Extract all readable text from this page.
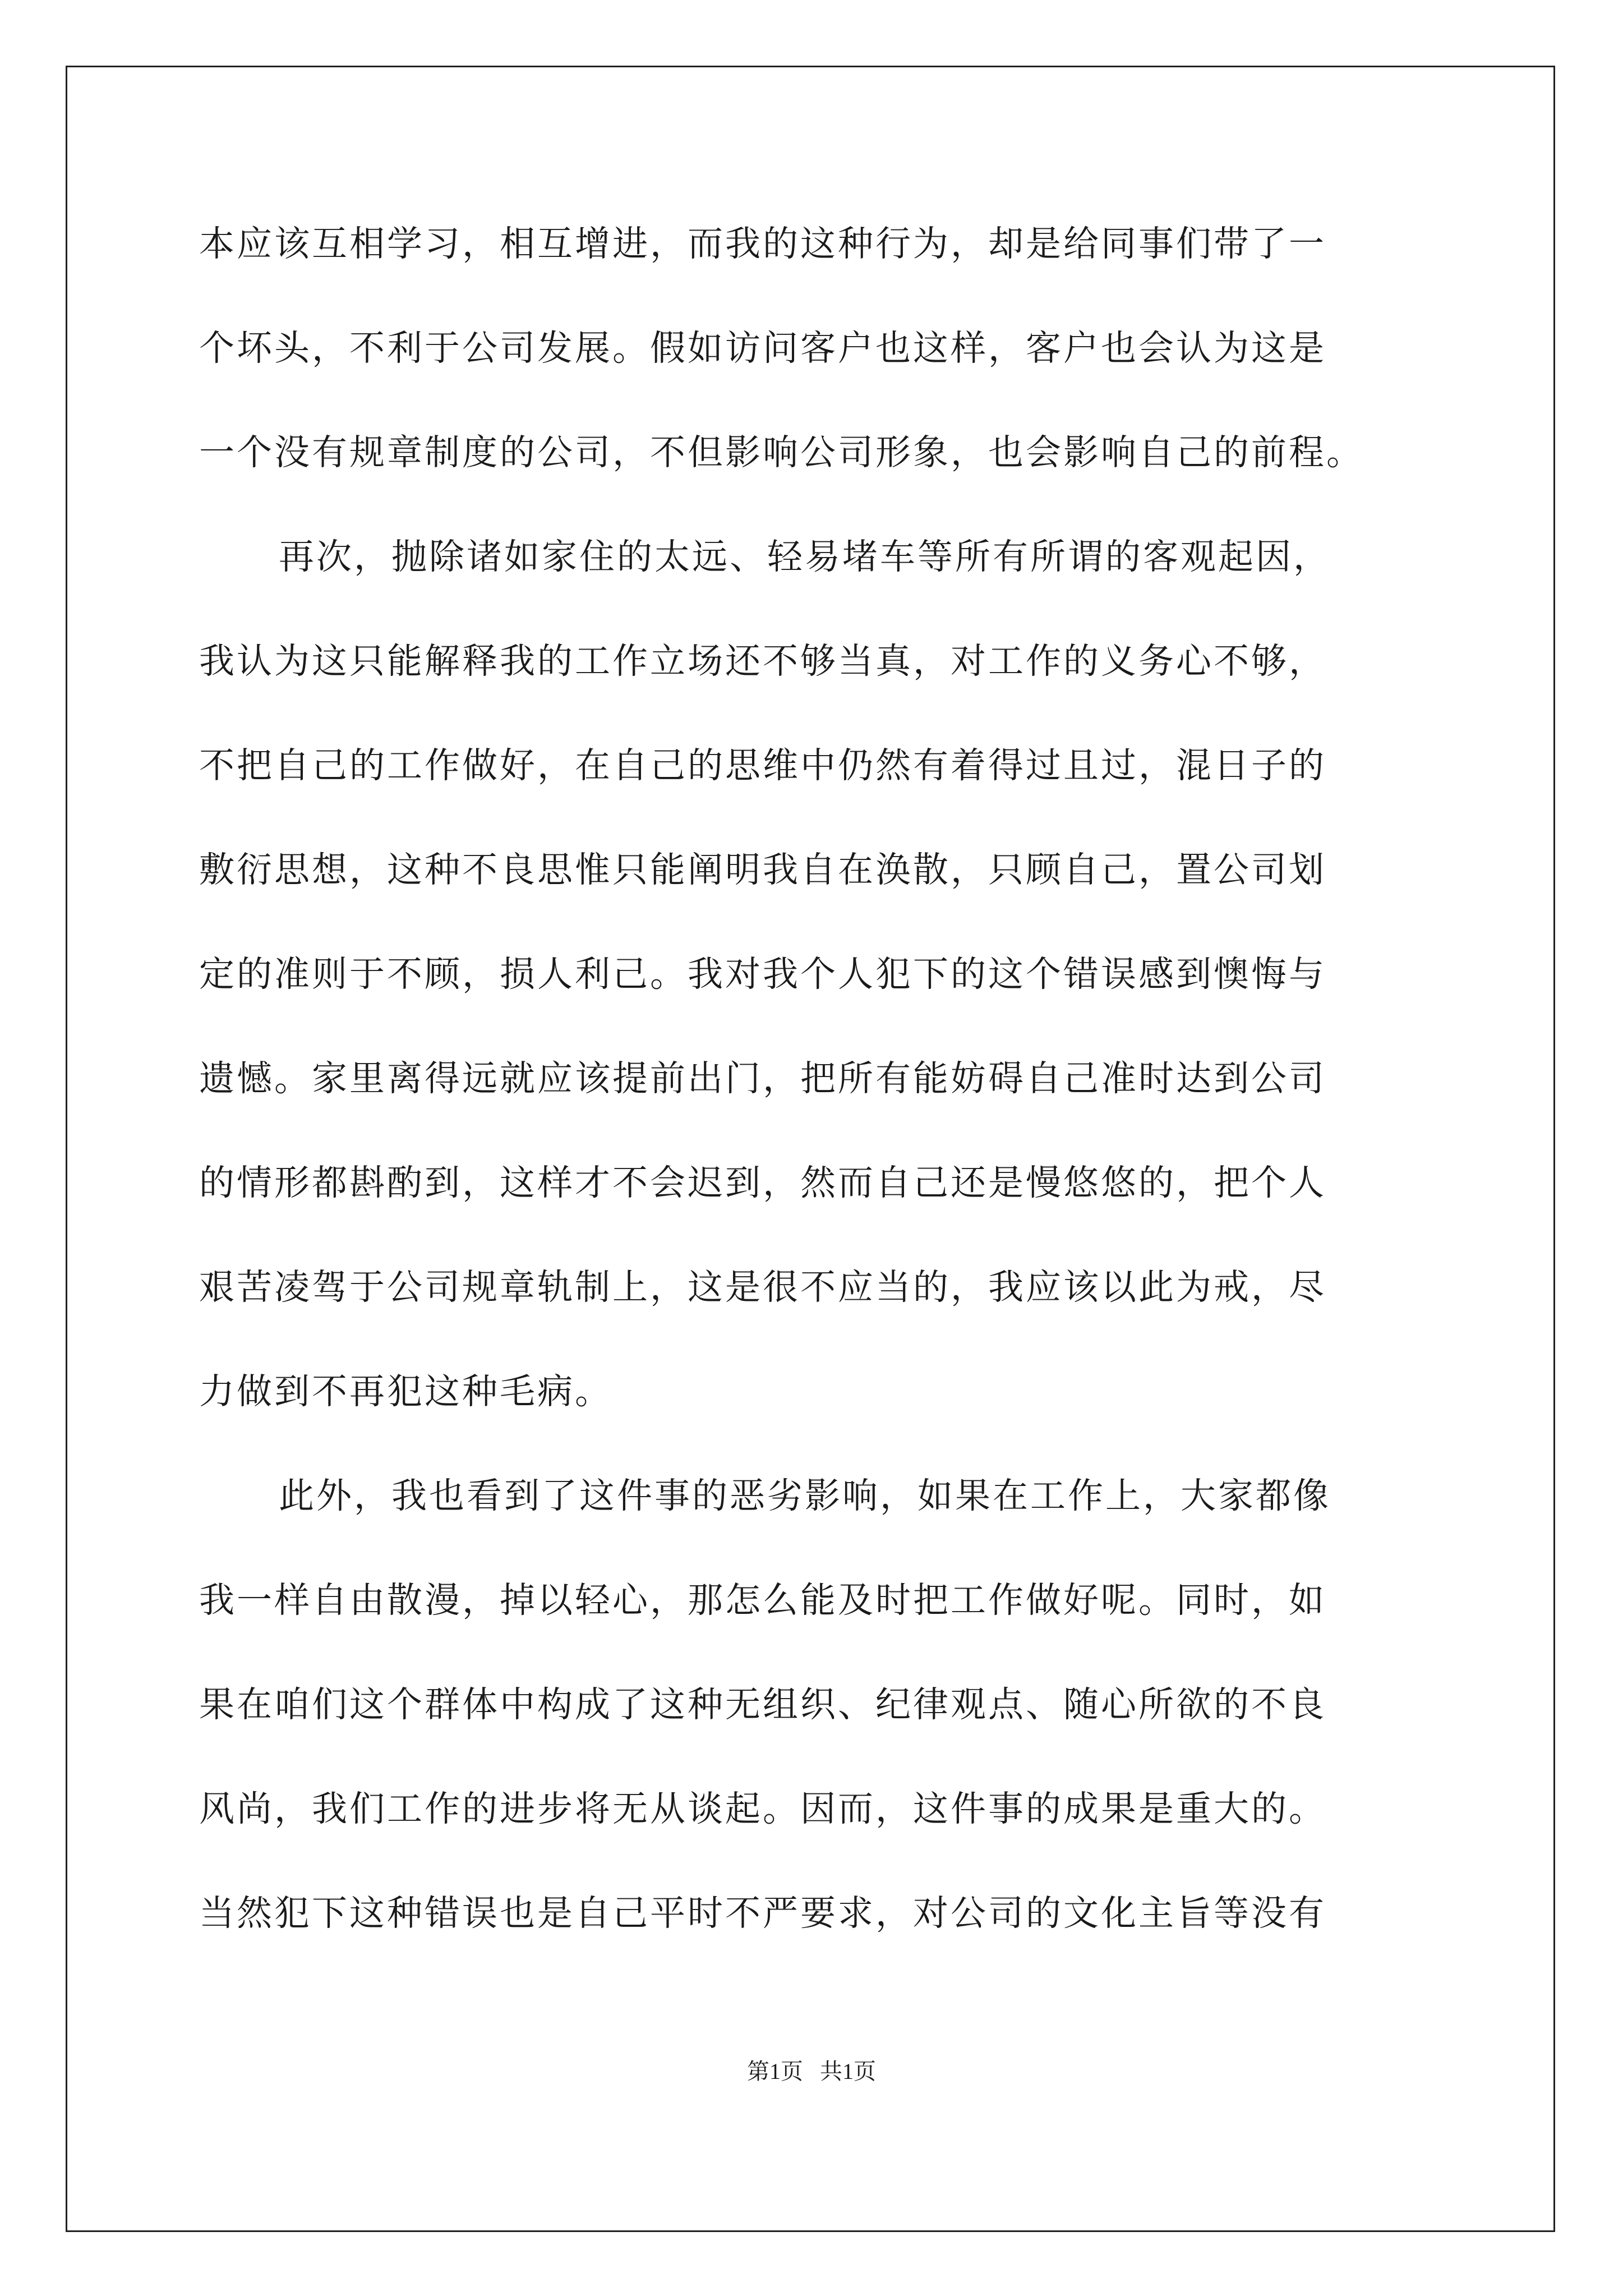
本应该互相学习，相互增进，而我的这种行为，却是给同事们带了一
个坏头，不利于公司发展。假如访问客户也这样，客户也会认为这是
一个没有规章制度的公司，不但影响公司形象，也会影响自己的前程。
再次，抛除诸如家住的太远、轻易堵车等所有所谓的客观起因，
我认为这只能解释我的工作立场还不够当真，对工作的义务心不够，
不把自己的工作做好，在自己的思维中仍然有着得过且过，混日子的
敷衍思想，这种不良思惟只能阐明我自在涣散，只顾自己，置公司划
定的准则于不顾，损人利己。我对我个人犯下的这个错误感到懊悔与
遗憾。家里离得远就应该提前出门，把所有能妨碍自己准时达到公司
的情形都斟酌到，这样才不会迟到，然而自己还是慢悠悠的，把个人
艰苦凌驾于公司规章轨制上，这是很不应当的，我应该以此为戒，尽
力做到不再犯这种毛病。
此外，我也看到了这件事的恶劣影响，如果在工作上，大家都像
我一样自由散漫，掉以轻心，那怎么能及时把工作做好呢。同时，如
果在咱们这个群体中构成了这种无组织、纪律观点、随心所欲的不良
风尚，我们工作的进步将无从谈起。因而，这件事的成果是重大的。
当然犯下这种错误也是自己平时不严要求，对公司的文化主旨等没有
第1页 共1页
